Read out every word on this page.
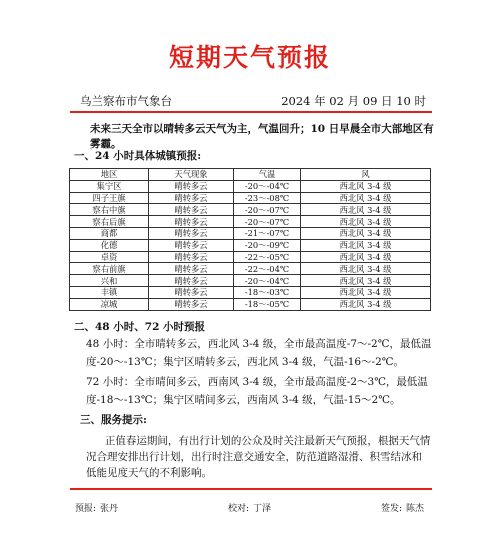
短期天气预报
乌兰察布市气象台	2024 年 02 月 09 日 10 时
未来三天全市以晴转多云天气为主，气温回升；10 日早晨全市大部地区有雾霾。
一、24 小时具体城镇预报:
地区	天气现象	气温	风
集宁区	晴转多云	-20～-04℃	西北风 3-4 级
四子王旗	晴转多云	-23～-08℃	西北风 3-4 级
察右中旗	晴转多云	-20～-07℃	西北风 3-4 级
察右后旗	晴转多云	-20～-07℃	西北风 3-4 级
商都	晴转多云	-21～-07℃	西北风 3-4 级
化德	晴转多云	-20～-09℃	西北风 3-4 级
卓资	晴转多云	-22～-05℃	西北风 3-4 级
察右前旗	晴转多云	-22～-04℃	西北风 3-4 级
兴和	晴转多云	-20～-04℃	西北风 3-4 级
丰镇	晴转多云	-18～-03℃	西北风 3-4 级
凉城	晴转多云	-18～-05℃	西北风 3-4 级
二、48 小时、72 小时预报
48 小时：全市晴转多云，西北风 3-4 级，全市最高温度-7～-2℃，最低温度-20～-13℃；集宁区晴转多云，西北风 3-4 级，气温-16～-2℃。
72 小时：全市晴间多云，西南风 3-4 级，全市最高温度-2～3℃，最低温度-18～-13℃；集宁区晴间多云，西南风 3-4 级，气温-15～2℃。
三、服务提示:
正值春运期间，有出行计划的公众及时关注最新天气预报，根据天气情况合理安排出行计划，出行时注意交通安全，防范道路湿滑、积雪结冰和低能见度天气的不利影响。
预报: 张丹	校对: 丁泽	签发: 陈杰
